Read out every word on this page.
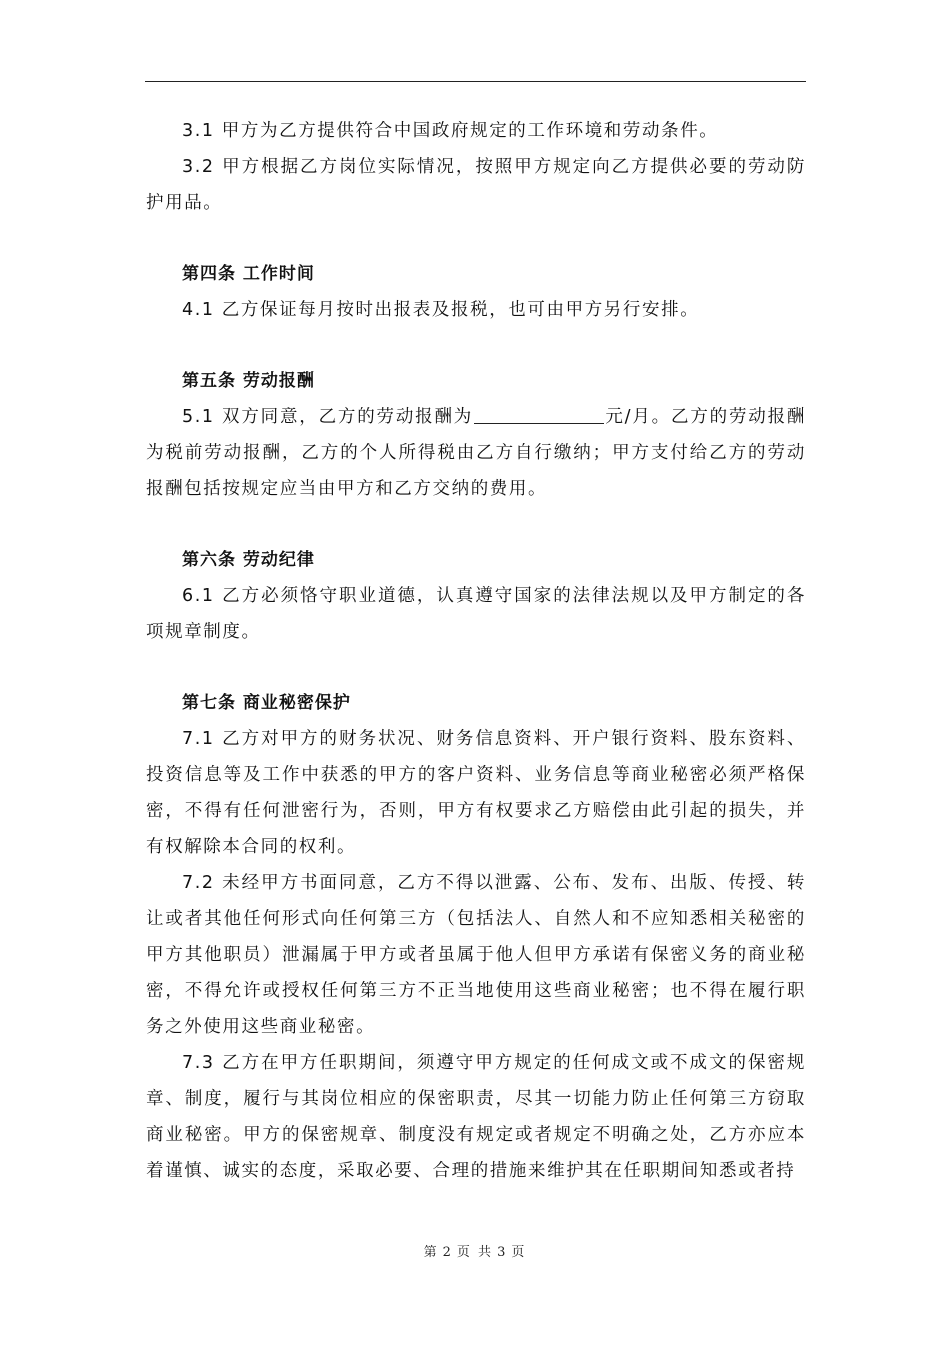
3.1 甲方为乙方提供符合中国政府规定的工作环境和劳动条件。

3.2 甲方根据乙方岗位实际情况，按照甲方规定向乙方提供必要的劳动防护用品。

第四条 工作时间

4.1 乙方保证每月按时出报表及报税，也可由甲方另行安排。

第五条 劳动报酬

5.1 双方同意，乙方的劳动报酬为	元/月。乙方的劳动报酬为税前劳动报酬，乙方的个人所得税由乙方自行缴纳；甲方支付给乙方的劳动报酬包括按规定应当由甲方和乙方交纳的费用。

第六条 劳动纪律

6.1 乙方必须恪守职业道德，认真遵守国家的法律法规以及甲方制定的各项规章制度。

第七条 商业秘密保护

7.1 乙方对甲方的财务状况、财务信息资料、开户银行资料、股东资料、投资信息等及工作中获悉的甲方的客户资料、业务信息等商业秘密必须严格保密，不得有任何泄密行为，否则，甲方有权要求乙方赔偿由此引起的损失，并有权解除本合同的权利。

7.2 未经甲方书面同意，乙方不得以泄露、公布、发布、出版、传授、转让或者其他任何形式向任何第三方（包括法人、自然人和不应知悉相关秘密的甲方其他职员）泄漏属于甲方或者虽属于他人但甲方承诺有保密义务的商业秘密，不得允许或授权任何第三方不正当地使用这些商业秘密；也不得在履行职务之外使用这些商业秘密。

7.3 乙方在甲方任职期间，须遵守甲方规定的任何成文或不成文的保密规章、制度，履行与其岗位相应的保密职责，尽其一切能力防止任何第三方窃取商业秘密。甲方的保密规章、制度没有规定或者规定不明确之处，乙方亦应本着谨慎、诚实的态度，采取必要、合理的措施来维护其在任职期间知悉或者持

第 2 页 共 3 页
